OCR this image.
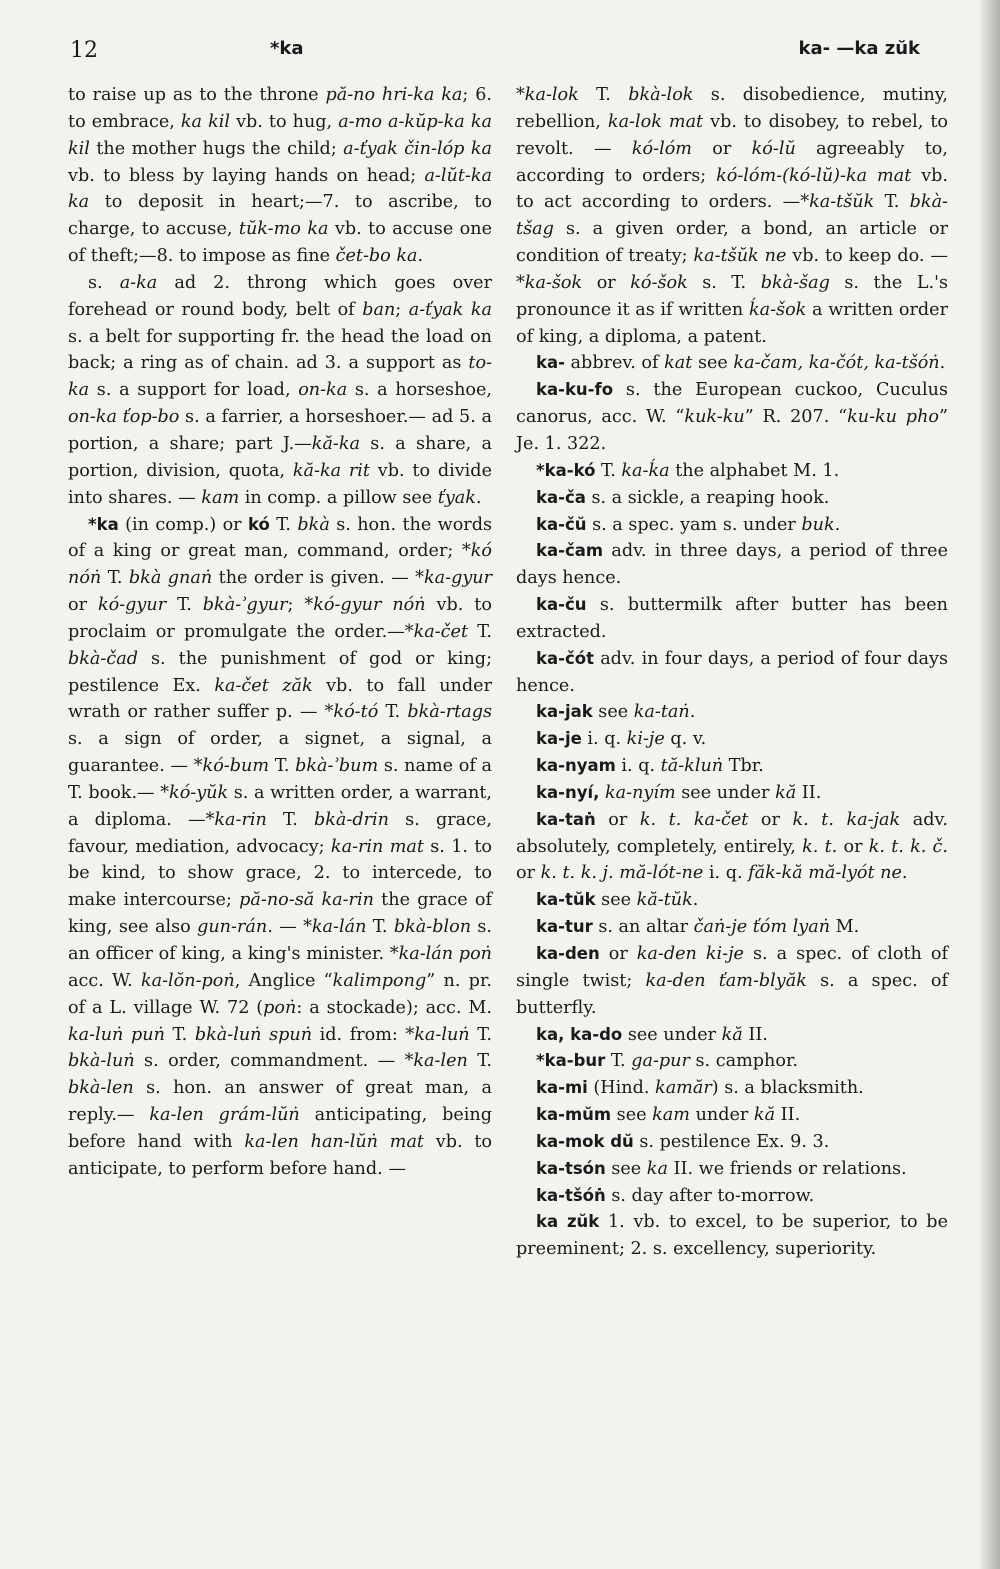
12	*ka	ka- —ka zŭk

to raise up as to the throne pă-no hri-ka ka; 6. to embrace, ka kil vb. to hug, a-mo a-kŭp-ka ka kil the mother hugs the child; a-ťyak čin-lóp ka vb. to bless by laying hands on head; a-lŭt-ka ka to deposit in heart;—7. to ascribe, to charge, to accuse, tŭk-mo ka vb. to accuse one of theft;—8. to impose as fine čet-bo ka.

s. a-ka ad 2. throng which goes over forehead or round body, belt of ban; a-ťyak ka s. a belt for supporting fr. the head the load on back; a ring as of chain. ad 3. a support as to-ka s. a support for load, on-ka s. a horseshoe, on-ka ťop-bo s. a farrier, a horseshoer.— ad 5. a portion, a share; part J.—kă-ka s. a share, a portion, division, quota, kă-ka rit vb. to divide into shares. — kam in comp. a pillow see ťyak.

*ka (in comp.) or kó T. bkà s. hon. the words of a king or great man, command, order; *kó nóṅ T. bkà gnaṅ the order is given. — *ka-gyur or kó-gyur T. bkà-ʾgyur; *kó-gyur nóṅ vb. to proclaim or promulgate the order.—*ka-čet T. bkà-čad s. the punishment of god or king; pestilence Ex. ka-čet zăk vb. to fall under wrath or rather suffer p. — *kó-tó T. bkà-rtags s. a sign of order, a signet, a signal, a guarantee. — *kó-bum T. bkà-ʾbum s. name of a T. book.— *kó-yŭk s. a written order, a warrant, a diploma. —*ka-rin T. bkà-drin s. grace, favour, mediation, advocacy; ka-rin mat s. 1. to be kind, to show grace, 2. to intercede, to make intercourse; pă-no-să ka-rin the grace of king, see also gun-rán. — *ka-lán T. bkà-blon s. an officer of king, a king's minister. *ka-lán poṅ acc. W. ka-lŏn-poṅ, Anglice “kalimpong” n. pr. of a L. village W. 72 (poṅ: a stockade); acc. M. ka-luṅ puṅ T. bkà-luṅ spuṅ id. from: *ka-luṅ T. bkà-luṅ s. order, commandment. — *ka-len T. bkà-len s. hon. an answer of great man, a reply.— ka-len grám-lŭṅ anticipating, being before hand with ka-len han-lŭṅ mat vb. to anticipate, to perform before hand. —

*ka-lok T. bkà-lok s. disobedience, mutiny, rebellion, ka-lok mat vb. to disobey, to rebel, to revolt. — kó-lóm or kó-lŭ agreeably to, according to orders; kó-lóm-(kó-lŭ)-ka mat vb. to act according to orders. —*ka-tšŭk T. bkà-tšag s. a given order, a bond, an article or condition of treaty; ka-tšŭk ne vb. to keep do. —*ka-šok or kó-šok s. T. bkà-šag s. the L.'s pronounce it as if written ḱa-šok a written order of king, a diploma, a patent.

ka- abbrev. of kat see ka-čam, ka-čót, ka-tšóṅ.

ka-ku-fo s. the European cuckoo, Cuculus canorus, acc. W. “kuk-ku” R. 207. “ku-ku pho” Je. 1. 322.

*ka-kó T. ka-ḱa the alphabet M. 1.

ka-ča s. a sickle, a reaping hook.

ka-čŭ s. a spec. yam s. under buk.

ka-čam adv. in three days, a period of three days hence.

ka-ču s. buttermilk after butter has been extracted.

ka-čót adv. in four days, a period of four days hence.

ka-jak see ka-taṅ.

ka-je i. q. ki-je q. v.

ka-nyam i. q. tă-kluṅ Tbr.

ka-nyí, ka-nyím see under kă II.

ka-taṅ or k. t. ka-čet or k. t. ka-jak adv. absolutely, completely, entirely, k. t. or k. t. k. č. or k. t. k. j. mă-lót-ne i. q. făk-kă mă-lyót ne.

ka-tŭk see kă-tŭk.

ka-tur s. an altar čaṅ-je ťóm lyaṅ M.

ka-den or ka-den ki-je s. a spec. of cloth of single twist; ka-den ťam-blyăk s. a spec. of butterfly.

ka, ka-do see under kă II.

*ka-bur T. ga-pur s. camphor.

ka-mi (Hind. kamăr) s. a blacksmith.

ka-mŭm see kam under kă II.

ka-mok dŭ s. pestilence Ex. 9. 3.

ka-tsón see ka II. we friends or relations.

ka-tšóṅ s. day after to-morrow.

ka zŭk 1. vb. to excel, to be superior, to be preeminent; 2. s. excellency, superiority.
